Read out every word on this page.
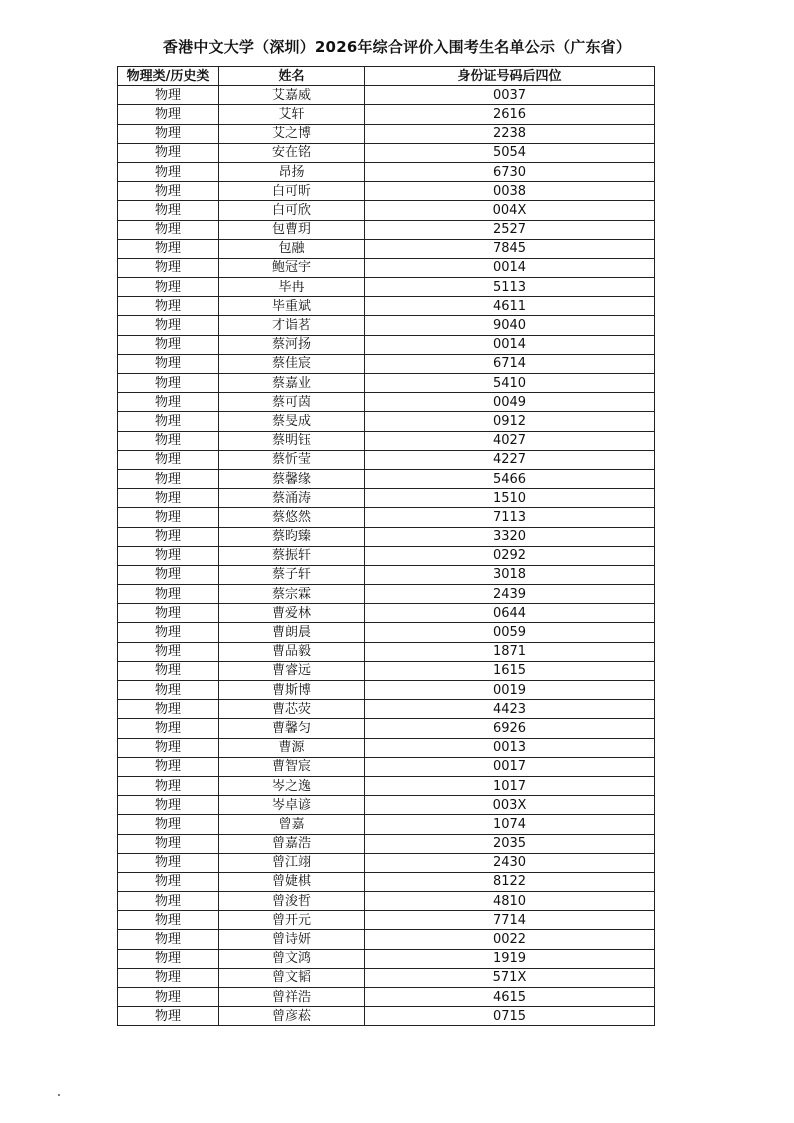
香港中文大学（深圳）2026年综合评价入围考生名单公示（广东省）
物理类/历史类	姓名	身份证号码后四位
物理	艾嘉威	0037
物理	艾轩	2616
物理	艾之博	2238
物理	安在铭	5054
物理	昂扬	6730
物理	白可昕	0038
物理	白可欣	004X
物理	包曹玥	2527
物理	包融	7845
物理	鲍冠宇	0014
物理	毕冉	5113
物理	毕重斌	4611
物理	才诣茗	9040
物理	蔡河扬	0014
物理	蔡佳宸	6714
物理	蔡嘉业	5410
物理	蔡可茵	0049
物理	蔡旻成	0912
物理	蔡明钰	4027
物理	蔡忻莹	4227
物理	蔡馨缘	5466
物理	蔡涌涛	1510
物理	蔡悠然	7113
物理	蔡昀臻	3320
物理	蔡振轩	0292
物理	蔡子轩	3018
物理	蔡宗霖	2439
物理	曹爱林	0644
物理	曹朗晨	0059
物理	曹品毅	1871
物理	曹睿远	1615
物理	曹斯博	0019
物理	曹芯荧	4423
物理	曹馨匀	6926
物理	曹源	0013
物理	曹智宸	0017
物理	岑之逸	1017
物理	岑卓谚	003X
物理	曾嘉	1074
物理	曾嘉浩	2035
物理	曾江翊	2430
物理	曾婕棋	8122
物理	曾浚哲	4810
物理	曾开元	7714
物理	曾诗妍	0022
物理	曾文鸿	1919
物理	曾文韬	571X
物理	曾祥浩	4615
物理	曾彦菘	0715
